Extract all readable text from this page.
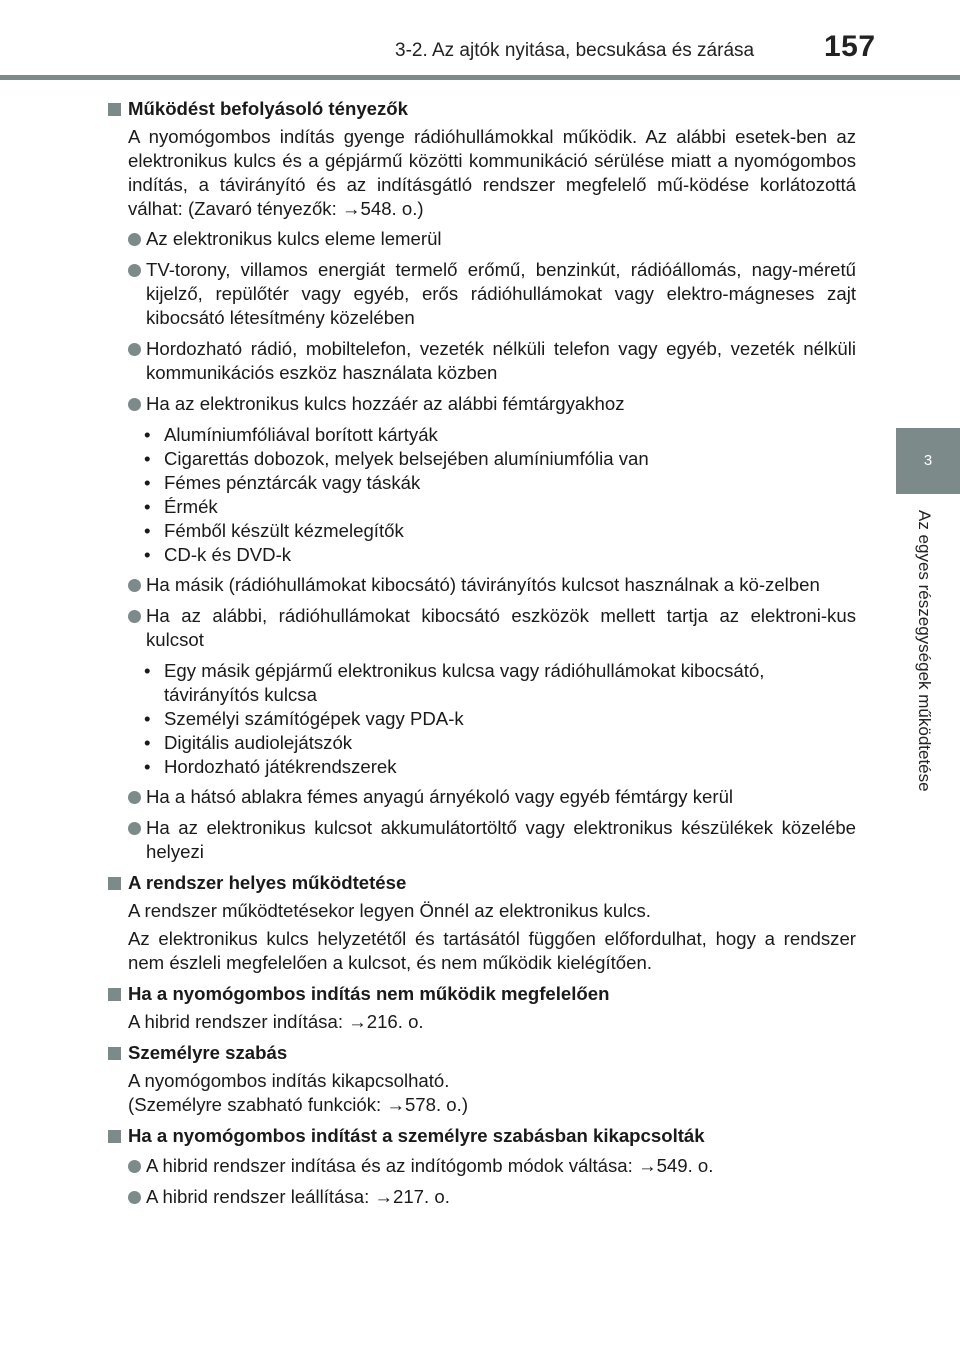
3-2. Az ajtók nyitása, becsukása és zárása 157
3
Az egyes részegységek működtetése
Működést befolyásoló tényezők
A nyomógombos indítás gyenge rádióhullámokkal működik. Az alábbi esetek-ben az elektronikus kulcs és a gépjármű közötti kommunikáció sérülése miatt a nyomógombos indítás, a távirányító és az indításgátló rendszer megfelelő mű-ködése korlátozottá válhat: (Zavaró tényezők: →548. o.)
Az elektronikus kulcs eleme lemerül
TV-torony, villamos energiát termelő erőmű, benzinkút, rádióállomás, nagy-méretű kijelző, repülőtér vagy egyéb, erős rádióhullámokat vagy elektro-mágneses zajt kibocsátó létesítmény közelében
Hordozható rádió, mobiltelefon, vezeték nélküli telefon vagy egyéb, vezeték nélküli kommunikációs eszköz használata közben
Ha az elektronikus kulcs hozzáér az alábbi fémtárgyakhoz
• Alumíniumfóliával borított kártyák
• Cigarettás dobozok, melyek belsejében alumíniumfólia van
• Fémes pénztárcák vagy táskák
• Érmék
• Fémből készült kézmelegítők
• CD-k és DVD-k
Ha másik (rádióhullámokat kibocsátó) távirányítós kulcsot használnak a kö-zelben
Ha az alábbi, rádióhullámokat kibocsátó eszközök mellett tartja az elektroni-kus kulcsot
• Egy másik gépjármű elektronikus kulcsa vagy rádióhullámokat kibocsátó, távirányítós kulcsa
• Személyi számítógépek vagy PDA-k
• Digitális audiolejátszók
• Hordozható játékrendszerek
Ha a hátsó ablakra fémes anyagú árnyékoló vagy egyéb fémtárgy kerül
Ha az elektronikus kulcsot akkumulátortöltő vagy elektronikus készülékek közelébe helyezi
A rendszer helyes működtetése
A rendszer működtetésekor legyen Önnél az elektronikus kulcs.
Az elektronikus kulcs helyzetétől és tartásától függően előfordulhat, hogy a rendszer nem észleli megfelelően a kulcsot, és nem működik kielégítően.
Ha a nyomógombos indítás nem működik megfelelően
A hibrid rendszer indítása: →216. o.
Személyre szabás
A nyomógombos indítás kikapcsolható.
(Személyre szabható funkciók: →578. o.)
Ha a nyomógombos indítást a személyre szabásban kikapcsolták
A hibrid rendszer indítása és az indítógomb módok váltása: →549. o.
A hibrid rendszer leállítása: →217. o.
